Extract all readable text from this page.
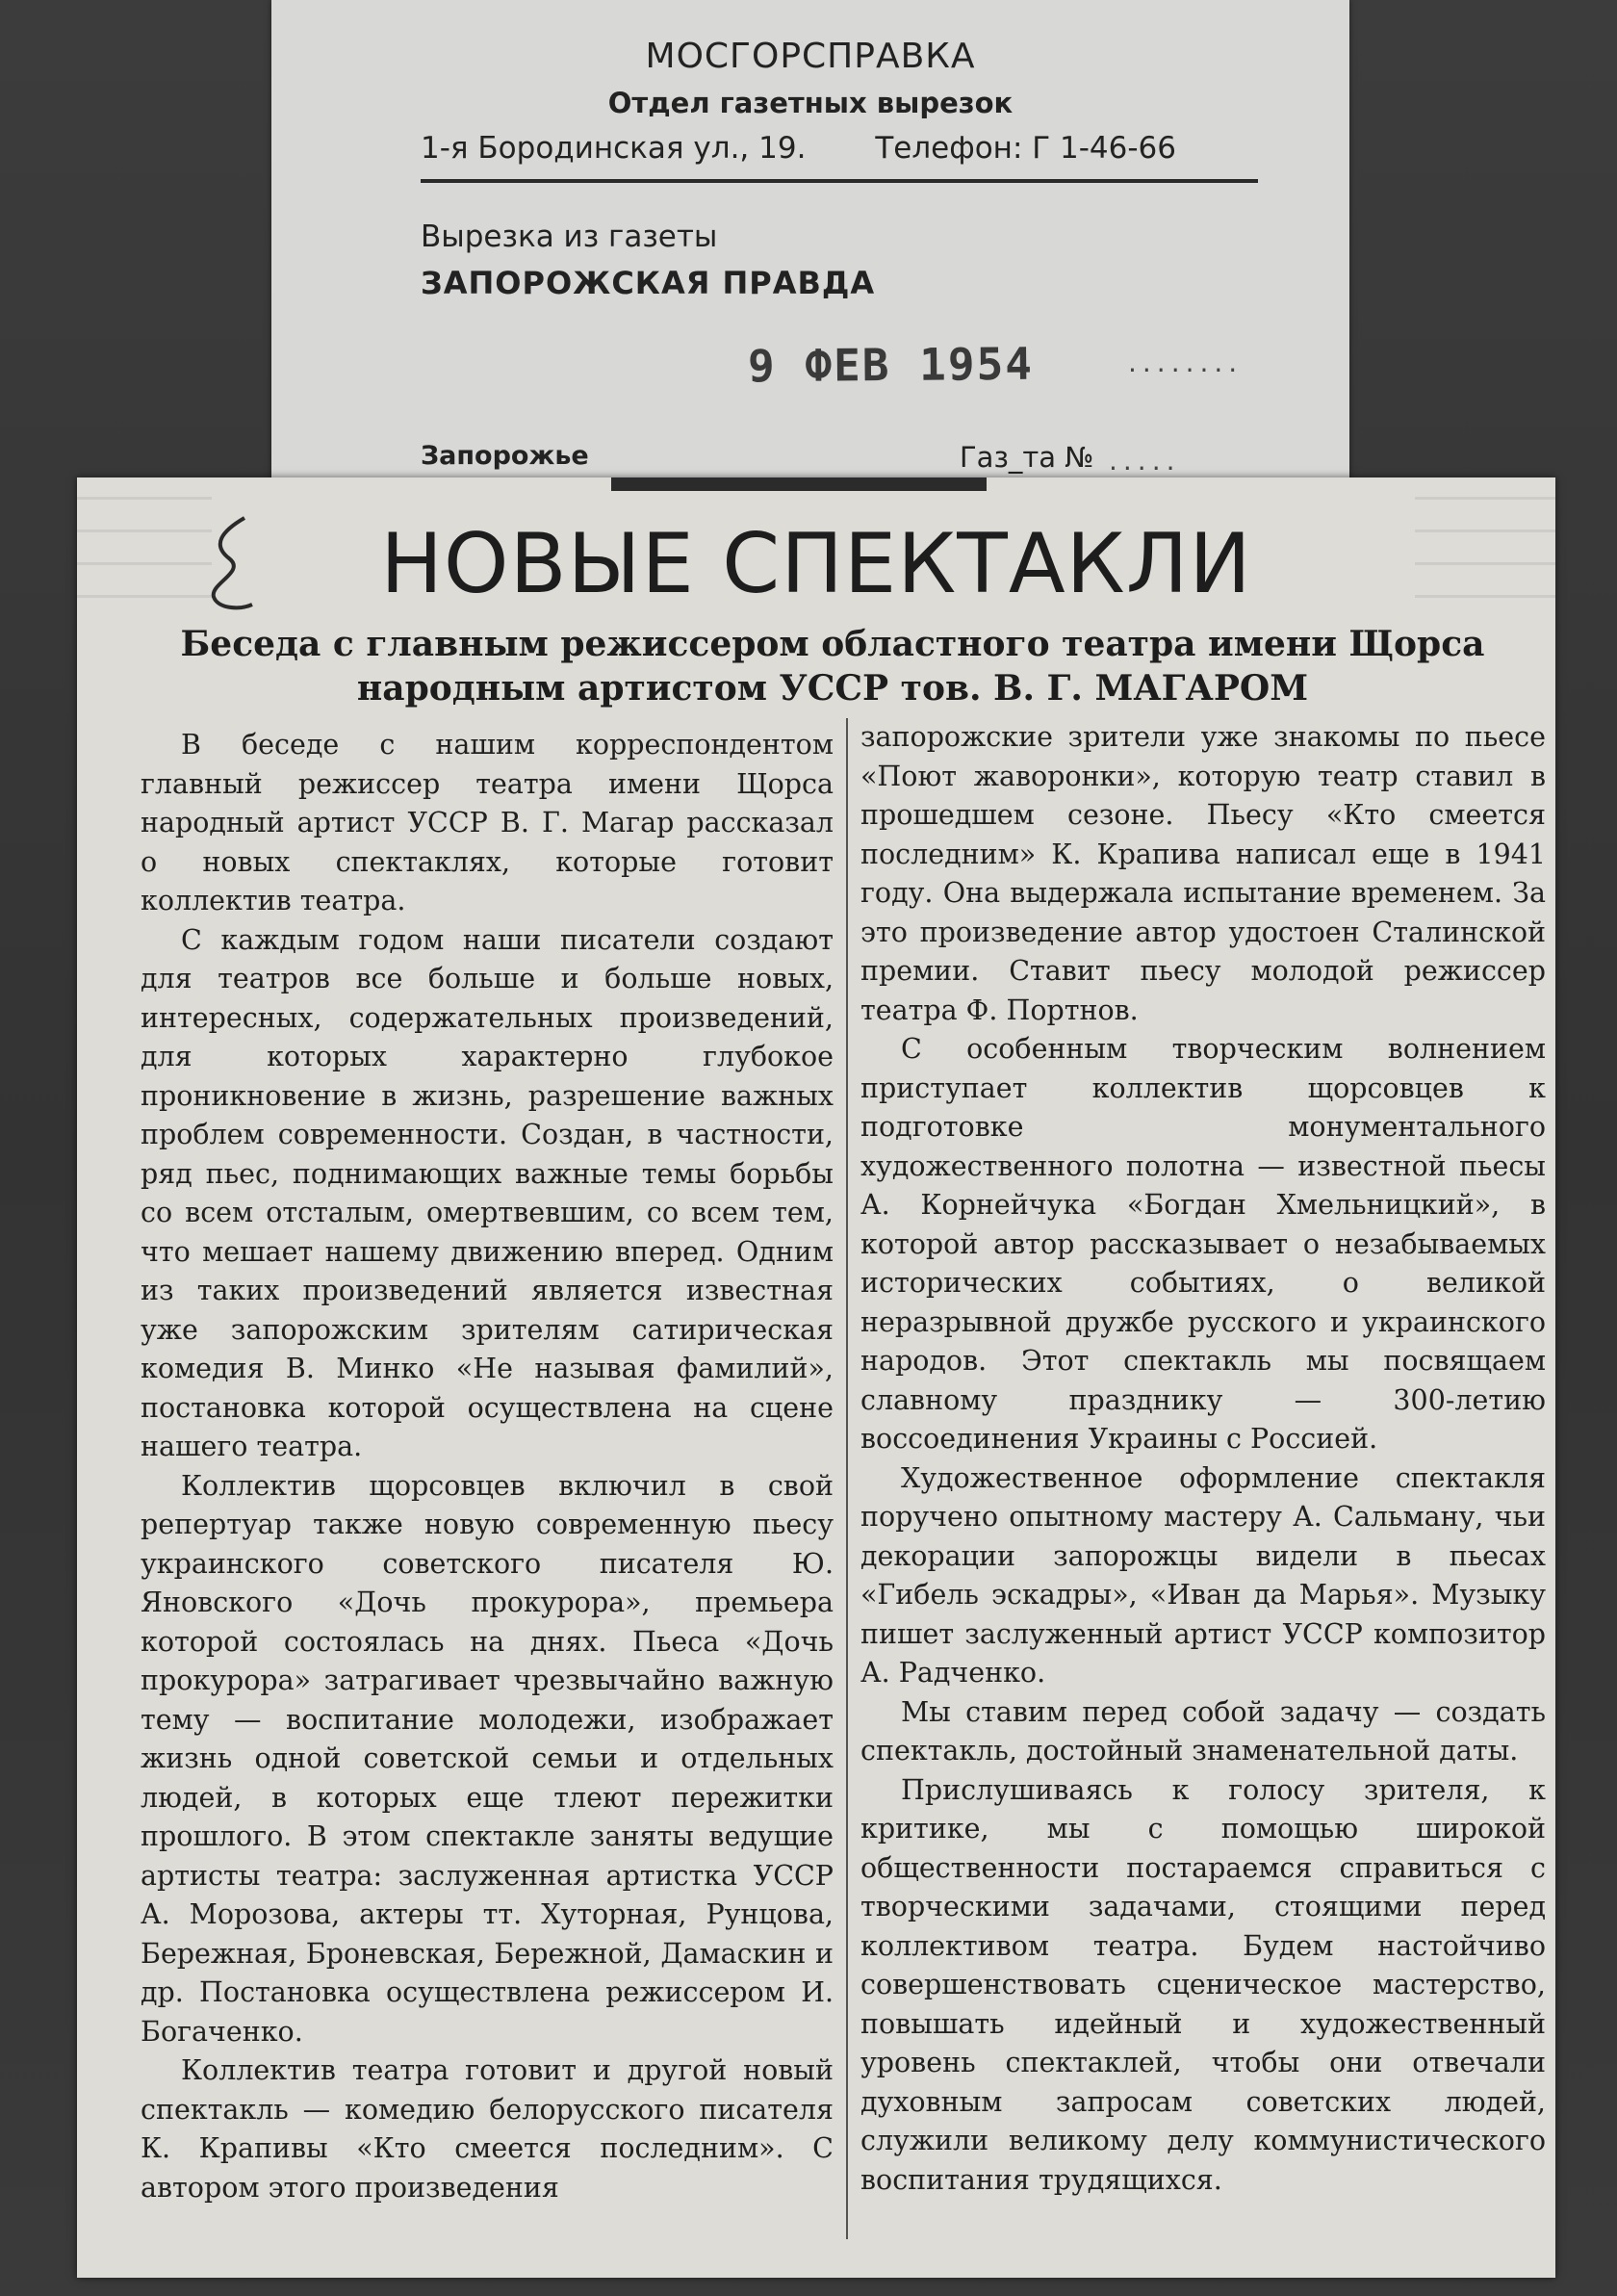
МОСГОРСПРАВКА
Отдел газетных вырезок
1-я Бородинская ул., 19. Телефон: Г 1-46-66
Вырезка из газеты
ЗАПОРОЖСКАЯ ПРАВДА
9 ФЕВ 1954	........
Запорожье	Газ_та № .....
НОВЫЕ СПЕКТАКЛИ
Беседа с главным режиссером областного театра имени Щорса
народным артистом УССР тов. В. Г. МАГАРОМ

В беседе с нашим корреспондентом главный режиссер театра имени Щорса народный артист УССР В. Г. Магар рассказал о новых спектаклях, которые готовит коллектив театра.

С каждым годом наши писатели создают для театров все больше и больше новых, интересных, содержательных произведений, для которых характерно глубокое проникновение в жизнь, разрешение важных проблем современности. Создан, в частности, ряд пьес, поднимающих важные темы борьбы со всем отсталым, омертвевшим, со всем тем, что мешает нашему движению вперед. Одним из таких произведений является известная уже запорожским зрителям сатирическая комедия В. Минко «Не называя фамилий», постановка которой осуществлена на сцене нашего театра.

Коллектив щорсовцев включил в свой репертуар также новую современную пьесу украинского советского писателя Ю. Яновского «Дочь прокурора», премьера которой состоялась на днях. Пьеса «Дочь прокурора» затрагивает чрезвычайно важную тему — воспитание молодежи, изображает жизнь одной советской семьи и отдельных людей, в которых еще тлеют пережитки прошлого. В этом спектакле заняты ведущие артисты театра: заслуженная артистка УССР А. Морозова, актеры тт. Хуторная, Рунцова, Бережная, Броневская, Бережной, Дамаскин и др. Постановка осуществлена режиссером И. Богаченко.

Коллектив театра готовит и другой новый спектакль — комедию белорусского писателя К. Крапивы «Кто смеется последним». С автором этого произведения

запорожские зрители уже знакомы по пьесе «Поют жаворонки», которую театр ставил в прошедшем сезоне. Пьесу «Кто смеется последним» К. Крапива написал еще в 1941 году. Она выдержала испытание временем. За это произведение автор удостоен Сталинской премии. Ставит пьесу молодой режиссер театра Ф. Портнов.

С особенным творческим волнением приступает коллектив щорсовцев к подготовке монументального художественного полотна — известной пьесы А. Корнейчука «Богдан Хмельницкий», в которой автор рассказывает о незабываемых исторических событиях, о великой неразрывной дружбе русского и украинского народов. Этот спектакль мы посвящаем славному празднику — 300-летию воссоединения Украины с Россией.

Художественное оформление спектакля поручено опытному мастеру А. Сальману, чьи декорации запорожцы видели в пьесах «Гибель эскадры», «Иван да Марья». Музыку пишет заслуженный артист УССР композитор А. Радченко.

Мы ставим перед собой задачу — создать спектакль, достойный знаменательной даты.

Прислушиваясь к голосу зрителя, к критике, мы с помощью широкой общественности постараемся справиться с творческими задачами, стоящими перед коллективом театра. Будем настойчиво совершенствовать сценическое мастерство, повышать идейный и художественный уровень спектаклей, чтобы они отвечали духовным запросам советских людей, служили великому делу коммунистического воспитания трудящихся.
